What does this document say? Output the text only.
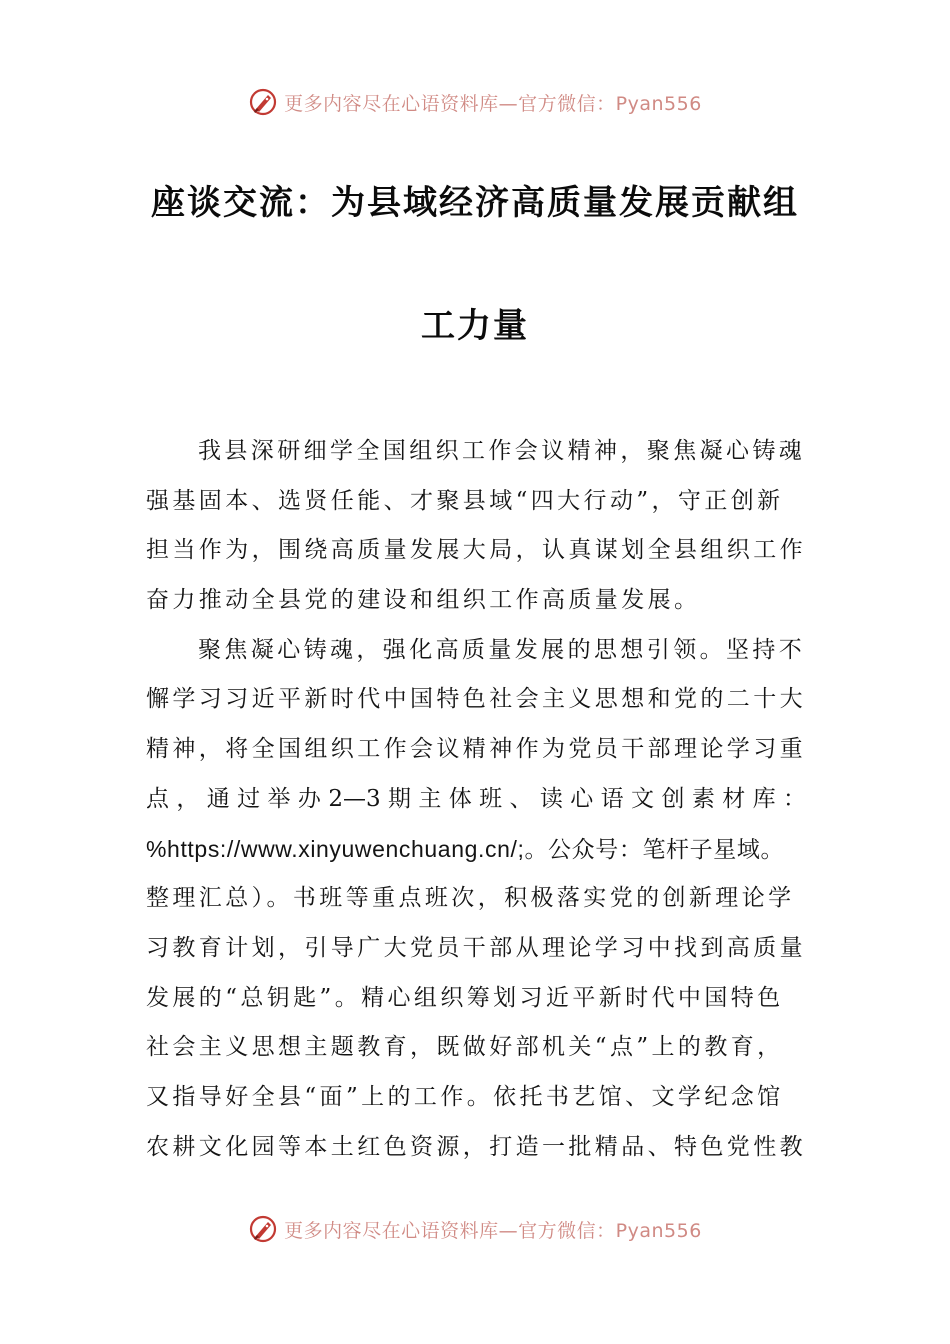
更多内容尽在心语资料库—官方微信：Pyan556
座谈交流：为县域经济高质量发展贡献组
工力量
我县深研细学全国组织工作会议精神，聚焦凝心铸魂
强基固本、选贤任能、才聚县域“四大行动”，守正创新
担当作为，围绕高质量发展大局，认真谋划全县组织工作
奋力推动全县党的建设和组织工作高质量发展。
聚焦凝心铸魂，强化高质量发展的思想引领。坚持不
懈学习习近平新时代中国特色社会主义思想和党的二十大
精神，将全国组织工作会议精神作为党员干部理论学习重
点，通过举办2—3期主体班、读心语文创素材库：
%https://www.xinyuwenchuang.cn/;。公众号：笔杆子星域。
整理汇总）。书班等重点班次，积极落实党的创新理论学
习教育计划，引导广大党员干部从理论学习中找到高质量
发展的“总钥匙”。精心组织筹划习近平新时代中国特色
社会主义思想主题教育，既做好部机关“点”上的教育，
又指导好全县“面”上的工作。依托书艺馆、文学纪念馆
农耕文化园等本土红色资源，打造一批精品、特色党性教
更多内容尽在心语资料库—官方微信：Pyan556
